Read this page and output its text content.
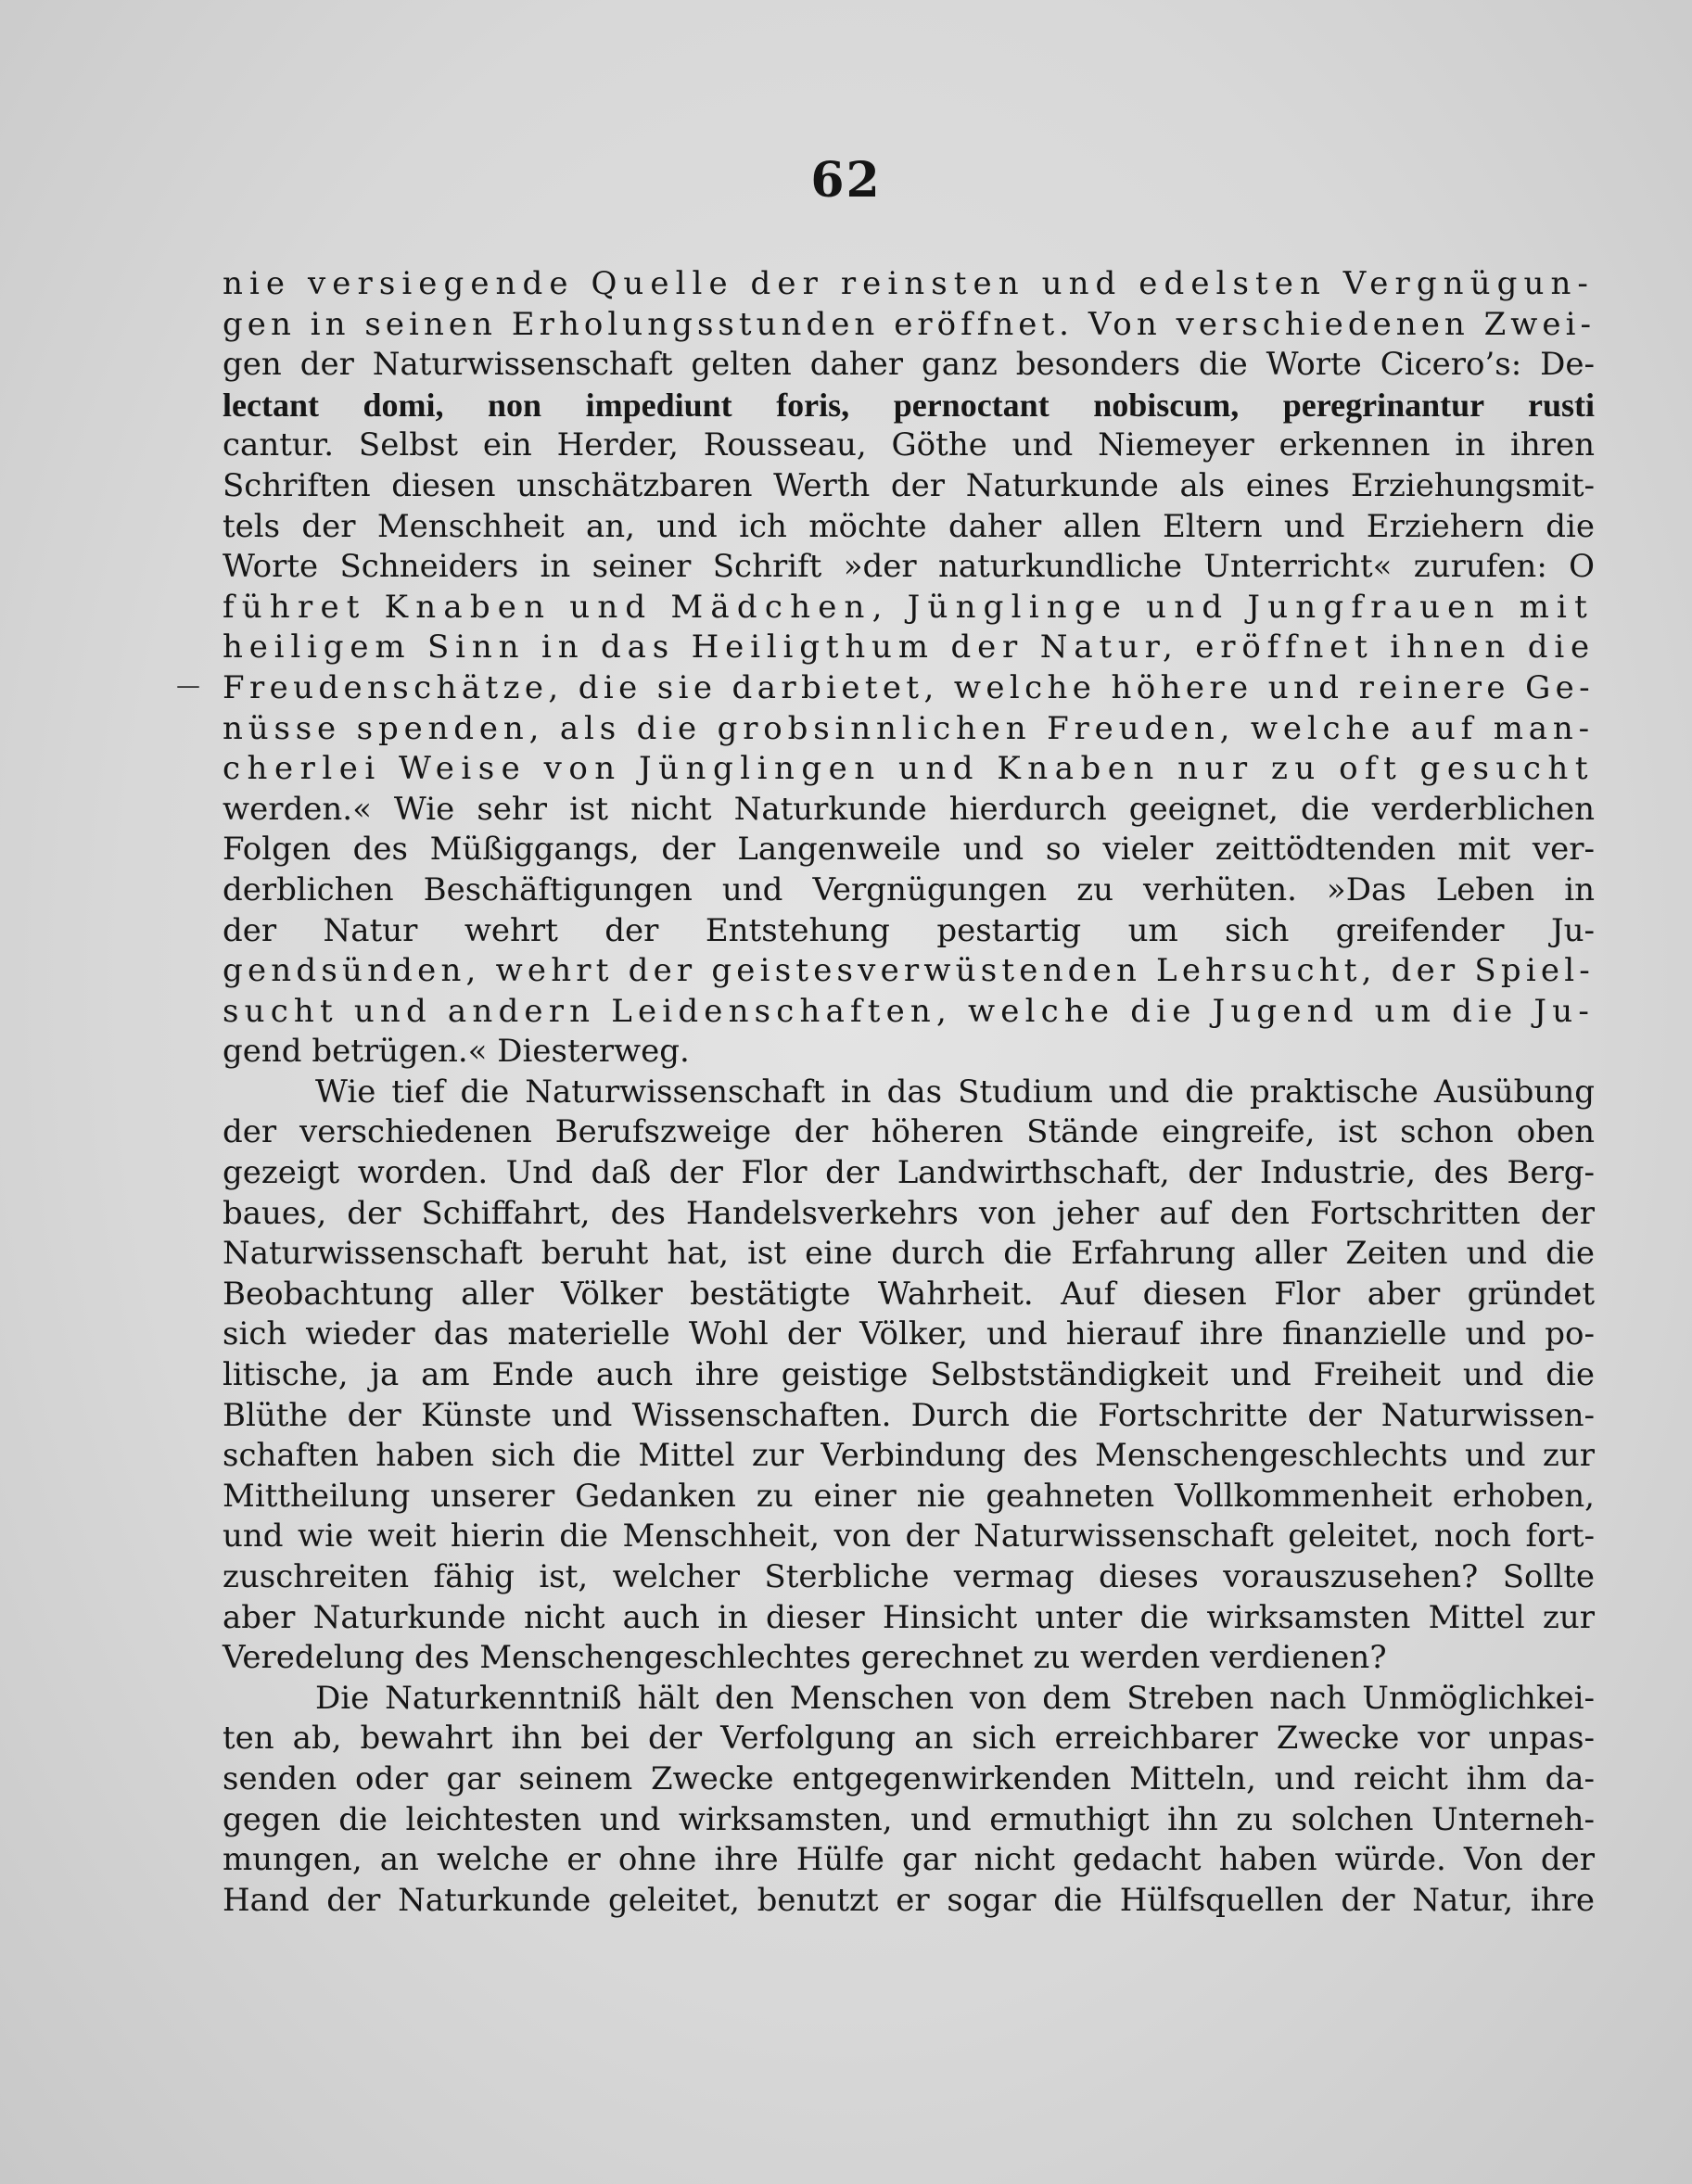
62
—
nie versiegende Quelle der reinsten und edelsten Vergnügun-
gen in seinen Erholungsstunden eröffnet. Von verschiedenen Zwei-
gen der Naturwissenschaft gelten daher ganz besonders die Worte Cicero’s: De-
lectant domi, non impediunt foris, pernoctant nobiscum, peregrinantur rusti
cantur. Selbst ein Herder, Rousseau, Göthe und Niemeyer erkennen in ihren
Schriften diesen unschätzbaren Werth der Naturkunde als eines Erziehungsmit-
tels der Menschheit an, und ich möchte daher allen Eltern und Erziehern die
Worte Schneiders in seiner Schrift »der naturkundliche Unterricht« zurufen: O
führet Knaben und Mädchen, Jünglinge und Jungfrauen mit
heiligem Sinn in das Heiligthum der Natur, eröffnet ihnen die
Freudenschätze, die sie darbietet, welche höhere und reinere Ge-
nüsse spenden, als die grobsinnlichen Freuden, welche auf man-
cherlei Weise von Jünglingen und Knaben nur zu oft gesucht
werden.« Wie sehr ist nicht Naturkunde hierdurch geeignet, die verderblichen
Folgen des Müßiggangs, der Langenweile und so vieler zeittödtenden mit ver-
derblichen Beschäftigungen und Vergnügungen zu verhüten. »Das Leben in
der Natur wehrt der Entstehung pestartig um sich greifender Ju-
gendsünden, wehrt der geistesverwüstenden Lehrsucht, der Spiel-
sucht und andern Leidenschaften, welche die Jugend um die Ju-
gend betrügen.« Diesterweg.
Wie tief die Naturwissenschaft in das Studium und die praktische Ausübung
der verschiedenen Berufszweige der höheren Stände eingreife, ist schon oben
gezeigt worden. Und daß der Flor der Landwirthschaft, der Industrie, des Berg-
baues, der Schiffahrt, des Handelsverkehrs von jeher auf den Fortschritten der
Naturwissenschaft beruht hat, ist eine durch die Erfahrung aller Zeiten und die
Beobachtung aller Völker bestätigte Wahrheit. Auf diesen Flor aber gründet
sich wieder das materielle Wohl der Völker, und hierauf ihre finanzielle und po-
litische, ja am Ende auch ihre geistige Selbstständigkeit und Freiheit und die
Blüthe der Künste und Wissenschaften. Durch die Fortschritte der Naturwissen-
schaften haben sich die Mittel zur Verbindung des Menschengeschlechts und zur
Mittheilung unserer Gedanken zu einer nie geahneten Vollkommenheit erhoben,
und wie weit hierin die Menschheit, von der Naturwissenschaft geleitet, noch fort-
zuschreiten fähig ist, welcher Sterbliche vermag dieses vorauszusehen? Sollte
aber Naturkunde nicht auch in dieser Hinsicht unter die wirksamsten Mittel zur
Veredelung des Menschengeschlechtes gerechnet zu werden verdienen?
Die Naturkenntniß hält den Menschen von dem Streben nach Unmöglichkei-
ten ab, bewahrt ihn bei der Verfolgung an sich erreichbarer Zwecke vor unpas-
senden oder gar seinem Zwecke entgegenwirkenden Mitteln, und reicht ihm da-
gegen die leichtesten und wirksamsten, und ermuthigt ihn zu solchen Unterneh-
mungen, an welche er ohne ihre Hülfe gar nicht gedacht haben würde. Von der
Hand der Naturkunde geleitet, benutzt er sogar die Hülfsquellen der Natur, ihre
